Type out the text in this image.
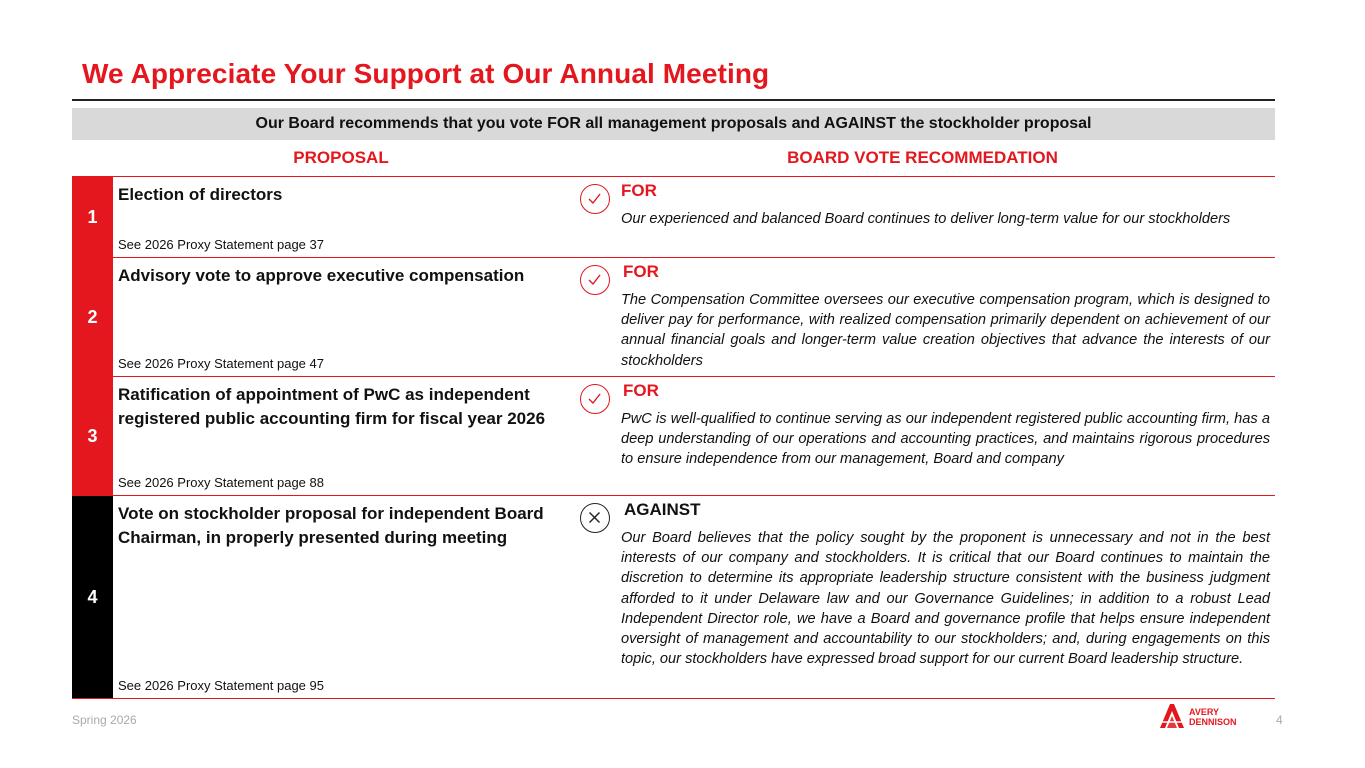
We Appreciate Your Support at Our Annual Meeting
Our Board recommends that you vote FOR all management proposals and AGAINST the stockholder proposal
PROPOSAL	BOARD VOTE RECOMMEDATION
1
Election of directors
See 2026 Proxy Statement page 37
FOR
Our experienced and balanced Board continues to deliver long-term value for our stockholders
2
Advisory vote to approve executive compensation
See 2026 Proxy Statement page 47
FOR
The Compensation Committee oversees our executive compensation program, which is designed to deliver pay for performance, with realized compensation primarily dependent on achievement of our annual financial goals and longer-term value creation objectives that advance the interests of our stockholders
3
Ratification of appointment of PwC as independent registered public accounting firm for fiscal year 2026
See 2026 Proxy Statement page 88
FOR
PwC is well-qualified to continue serving as our independent registered public accounting firm, has a deep understanding of our operations and accounting practices, and maintains rigorous procedures to ensure independence from our management, Board and company
4
Vote on stockholder proposal for independent Board Chairman, in properly presented during meeting
See 2026 Proxy Statement page 95
AGAINST
Our Board believes that the policy sought by the proponent is unnecessary and not in the best interests of our company and stockholders. It is critical that our Board continues to maintain the discretion to determine its appropriate leadership structure consistent with the business judgment afforded to it under Delaware law and our Governance Guidelines; in addition to a robust Lead Independent Director role, we have a Board and governance profile that helps ensure independent oversight of management and accountability to our stockholders; and, during engagements on this topic, our stockholders have expressed broad support for our current Board leadership structure.
Spring 2026
AVERY
DENNISON	4
